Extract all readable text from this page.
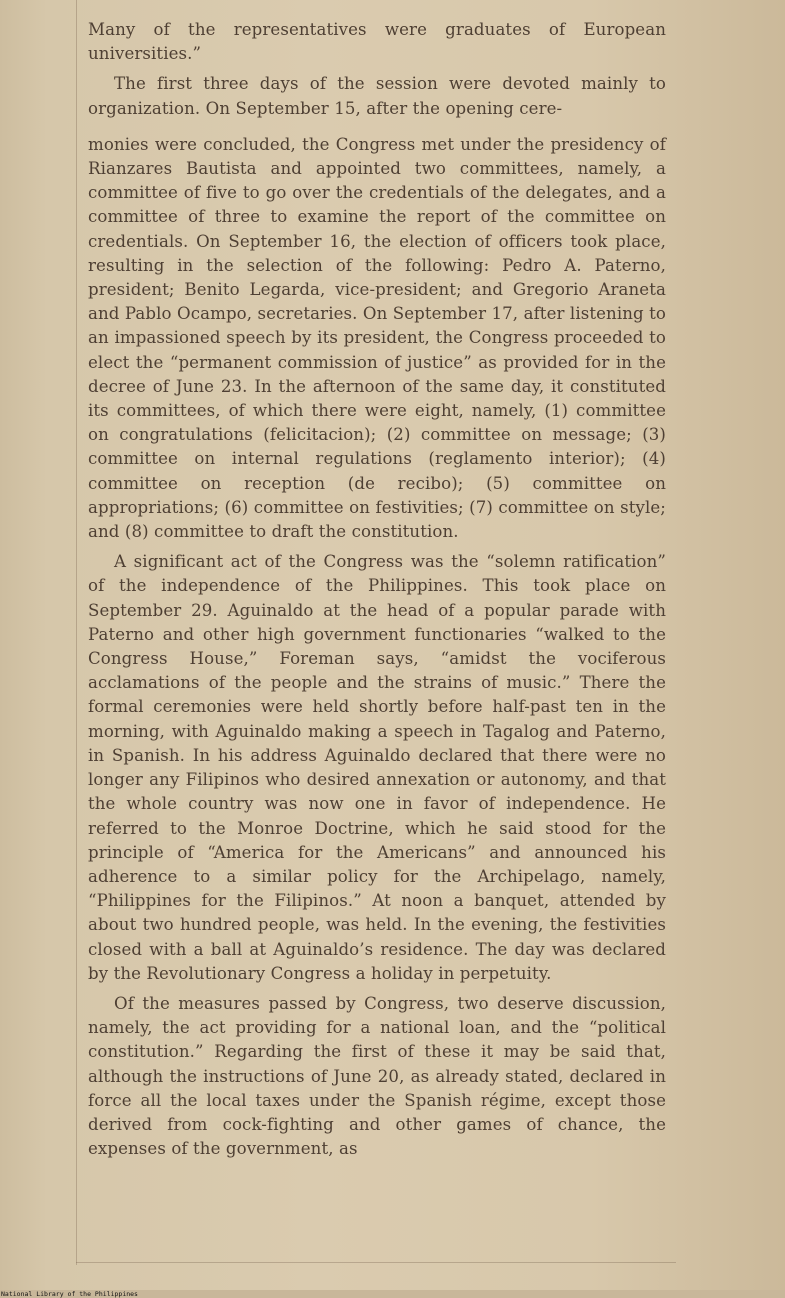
Many of the representatives were graduates of European universities.”

The first three days of the session were devoted mainly to organization. On September 15, after the opening cere-

monies were concluded, the Congress met under the presidency of Rianzares Bautista and appointed two committees, namely, a committee of five to go over the credentials of the delegates, and a committee of three to examine the report of the committee on credentials. On September 16, the election of officers took place, resulting in the selection of the following: Pedro A. Paterno, president; Benito Legarda, vice-president; and Gregorio Araneta and Pablo Ocampo, secretaries. On September 17, after listening to an impassioned speech by its president, the Congress proceeded to elect the “permanent commission of justice” as provided for in the decree of June 23. In the afternoon of the same day, it constituted its committees, of which there were eight, namely, (1) committee on congratulations (felicitacion); (2) committee on message; (3) committee on internal regulations (reglamento interior); (4) committee on reception (de recibo); (5) committee on appropriations; (6) committee on festivities; (7) committee on style; and (8) committee to draft the constitution.

A significant act of the Congress was the “solemn ratification” of the independence of the Philippines. This took place on September 29. Aguinaldo at the head of a popular parade with Paterno and other high government functionaries “walked to the Congress House,” Foreman says, “amidst the vociferous acclamations of the people and the strains of music.” There the formal ceremonies were held shortly before half-past ten in the morning, with Aguinaldo making a speech in Tagalog and Paterno, in Spanish. In his address Aguinaldo declared that there were no longer any Filipinos who desired annexation or autonomy, and that the whole country was now one in favor of independence. He referred to the Monroe Doctrine, which he said stood for the principle of “America for the Americans” and announced his adherence to a similar policy for the Archipelago, namely, “Philippines for the Filipinos.” At noon a banquet, attended by about two hundred people, was held. In the evening, the festivities closed with a ball at Aguinaldo’s residence. The day was declared by the Revolutionary Congress a holiday in perpetuity.

Of the measures passed by Congress, two deserve discussion, namely, the act providing for a national loan, and the “political constitution.” Regarding the first of these it may be said that, although the instructions of June 20, as already stated, declared in force all the local taxes under the Spanish régime, except those derived from cock-fighting and other games of chance, the expenses of the government, as

National Library of the Philippines
